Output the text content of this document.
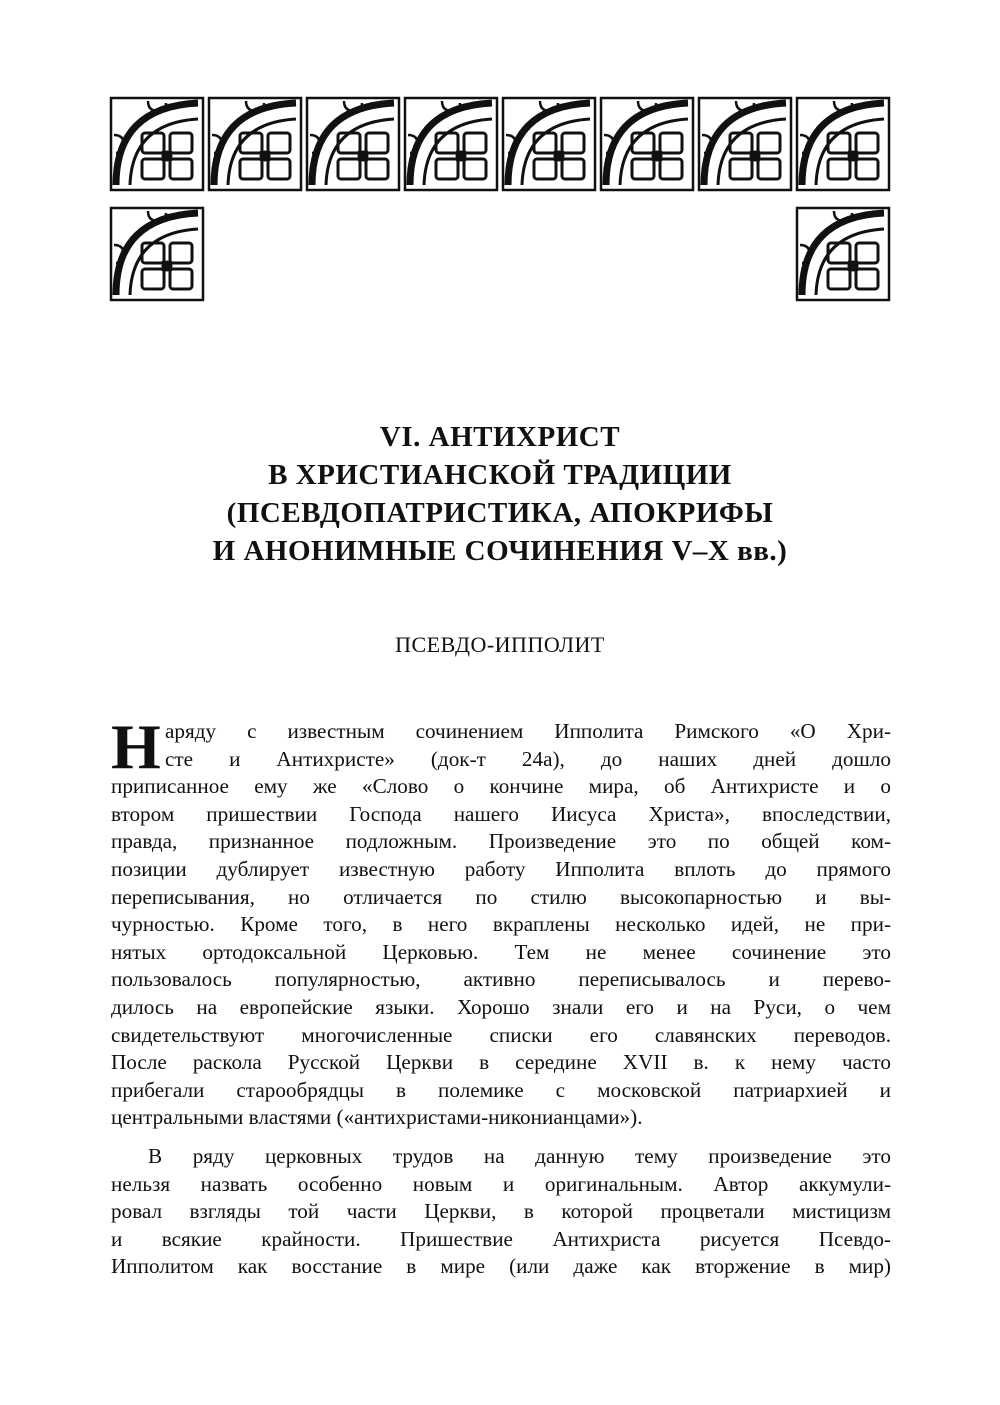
VI. АНТИХРИСТ
В ХРИСТИАНСКОЙ ТРАДИЦИИ
(ПСЕВДОПАТРИСТИКА, АПОКРИФЫ
И АНОНИМНЫЕ СОЧИНЕНИЯ V–X вв.)
ПСЕВДО-ИППОЛИТ
Н аряду с известным сочинением Ипполита Римского «О Хри-
сте и Антихристе» (док-т 24а), до наших дней дошло
приписанное ему же «Слово о кончине мира, об Антихристе и о
втором пришествии Господа нашего Иисуса Христа», впоследствии,
правда, признанное подложным. Произведение это по общей ком-
позиции дублирует известную работу Ипполита вплоть до прямого
переписывания, но отличается по стилю высокопарностью и вы-
чурностью. Кроме того, в него вкраплены несколько идей, не при-
нятых ортодоксальной Церковью. Тем не менее сочинение это
пользовалось популярностью, активно переписывалось и перево-
дилось на европейские языки. Хорошо знали его и на Руси, о чем
свидетельствуют многочисленные списки его славянских переводов.
После раскола Русской Церкви в середине XVII в. к нему часто
прибегали старообрядцы в полемике с московской патриархией и
центральными властями («антихристами-никонианцами»).
В ряду церковных трудов на данную тему произведение это
нельзя назвать особенно новым и оригинальным. Автор аккумули-
ровал взгляды той части Церкви, в которой процветали мистицизм
и всякие крайности. Пришествие Антихриста рисуется Псевдо-
Ипполитом как восстание в мире (или даже как вторжение в мир)
